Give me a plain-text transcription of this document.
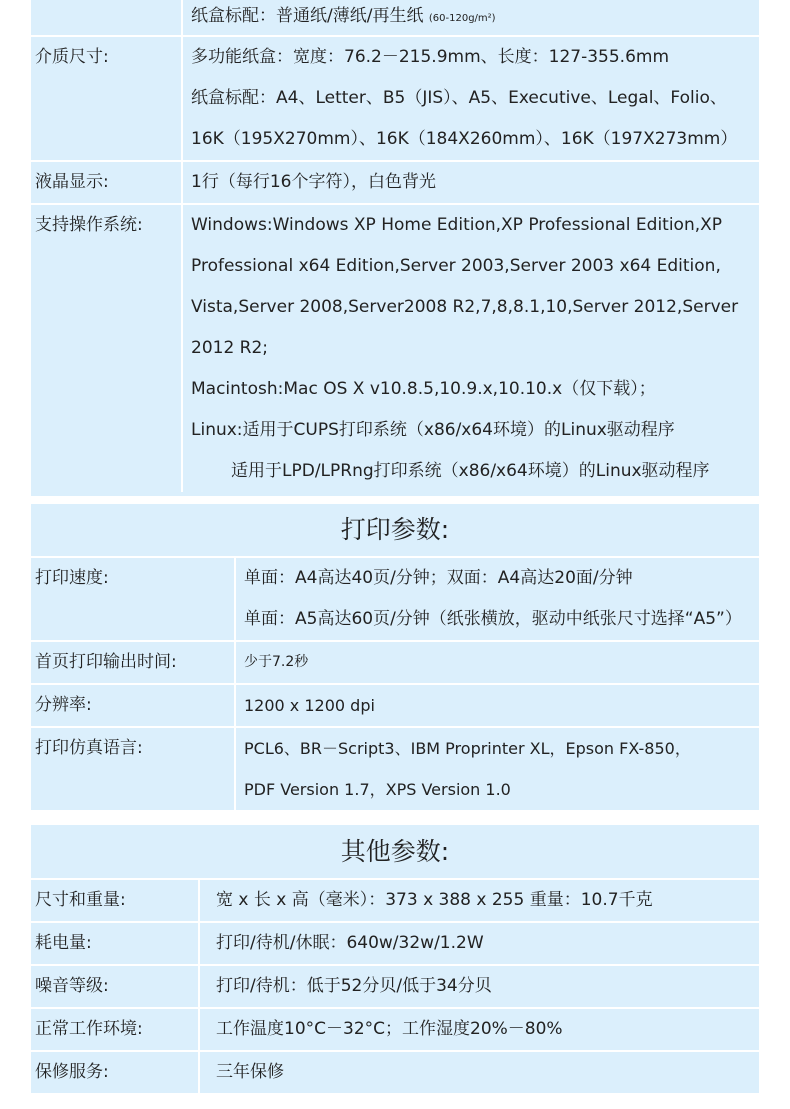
纸盒标配：普通纸/薄纸/再生纸 (60-120g/m²)
介质尺寸:	多功能纸盒：宽度：76.2－215.9mm、长度：127-355.6mm
纸盒标配：A4、Letter、B5（JIS）、A5、Executive、Legal、Folio、
16K（195X270mm）、16K（184X260mm）、16K（197X273mm）
液晶显示:	1行（每行16个字符），白色背光
支持操作系统:	Windows:Windows XP Home Edition,XP Professional Edition,XP
Professional x64 Edition,Server 2003,Server 2003 x64 Edition,
Vista,Server 2008,Server2008 R2,7,8,8.1,10,Server 2012,Server
2012 R2;
Macintosh:Mac OS X v10.8.5,10.9.x,10.10.x（仅下载）；
Linux:适用于CUPS打印系统（x86/x64环境）的Linux驱动程序
适用于LPD/LPRng打印系统（x86/x64环境）的Linux驱动程序
打印参数:
打印速度:	单面：A4高达40页/分钟；双面：A4高达20面/分钟
单面：A5高达60页/分钟（纸张横放，驱动中纸张尺寸选择“A5”）
首页打印输出时间:	少于7.2秒
分辨率:	1200 x 1200 dpi
打印仿真语言:	PCL6、BR－Script3、IBM Proprinter XL，Epson FX-850，
PDF Version 1.7，XPS Version 1.0
其他参数:
尺寸和重量:	宽 x 长 x 高（毫米）：373 x 388 x 255 重量：10.7千克
耗电量:	打印/待机/休眠：640w/32w/1.2W
噪音等级:	打印/待机：低于52分贝/低于34分贝
正常工作环境:	工作温度10°C－32°C；工作湿度20%－80%
保修服务:	三年保修
